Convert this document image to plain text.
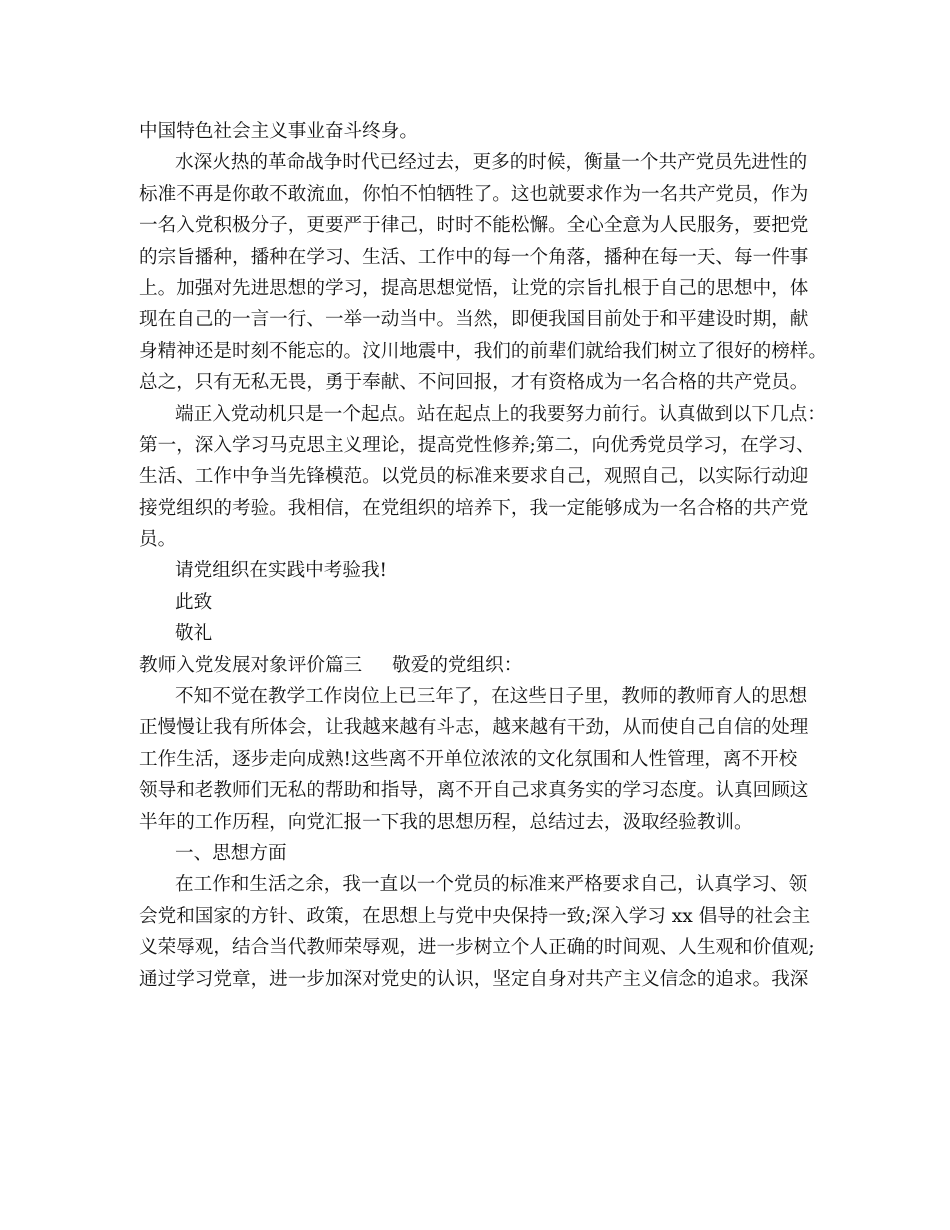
中国特色社会主义事业奋斗终身。
水深火热的革命战争时代已经过去，更多的时候，衡量一个共产党员先进性的
标准不再是你敢不敢流血，你怕不怕牺牲了。这也就要求作为一名共产党员，作为
一名入党积极分子，更要严于律己，时时不能松懈。全心全意为人民服务，要把党
的宗旨播种，播种在学习、生活、工作中的每一个角落，播种在每一天、每一件事
上。加强对先进思想的学习，提高思想觉悟，让党的宗旨扎根于自己的思想中，体
现在自己的一言一行、一举一动当中。当然，即便我国目前处于和平建设时期，献
身精神还是时刻不能忘的。汶川地震中，我们的前辈们就给我们树立了很好的榜样。
总之，只有无私无畏，勇于奉献、不问回报，才有资格成为一名合格的共产党员。
端正入党动机只是一个起点。站在起点上的我要努力前行。认真做到以下几点：
第一，深入学习马克思主义理论，提高党性修养;第二，向优秀党员学习，在学习、
生活、工作中争当先锋模范。以党员的标准来要求自己，观照自己，以实际行动迎
接党组织的考验。我相信，在党组织的培养下，我一定能够成为一名合格的共产党
员。
请党组织在实践中考验我!
此致
敬礼
教师入党发展对象评价篇三 敬爱的党组织：
不知不觉在教学工作岗位上已三年了，在这些日子里，教师的教师育人的思想
正慢慢让我有所体会，让我越来越有斗志，越来越有干劲，从而使自己自信的处理
工作生活，逐步走向成熟!这些离不开单位浓浓的文化氛围和人性管理，离不开校
领导和老教师们无私的帮助和指导，离不开自己求真务实的学习态度。认真回顾这
半年的工作历程，向党汇报一下我的思想历程，总结过去，汲取经验教训。
一、思想方面
在工作和生活之余，我一直以一个党员的标准来严格要求自己，认真学习、领
会党和国家的方针、政策，在思想上与党中央保持一致;深入学习 xx 倡导的社会主
义荣辱观，结合当代教师荣辱观，进一步树立个人正确的时间观、人生观和价值观;
通过学习党章，进一步加深对党史的认识，坚定自身对共产主义信念的追求。我深
